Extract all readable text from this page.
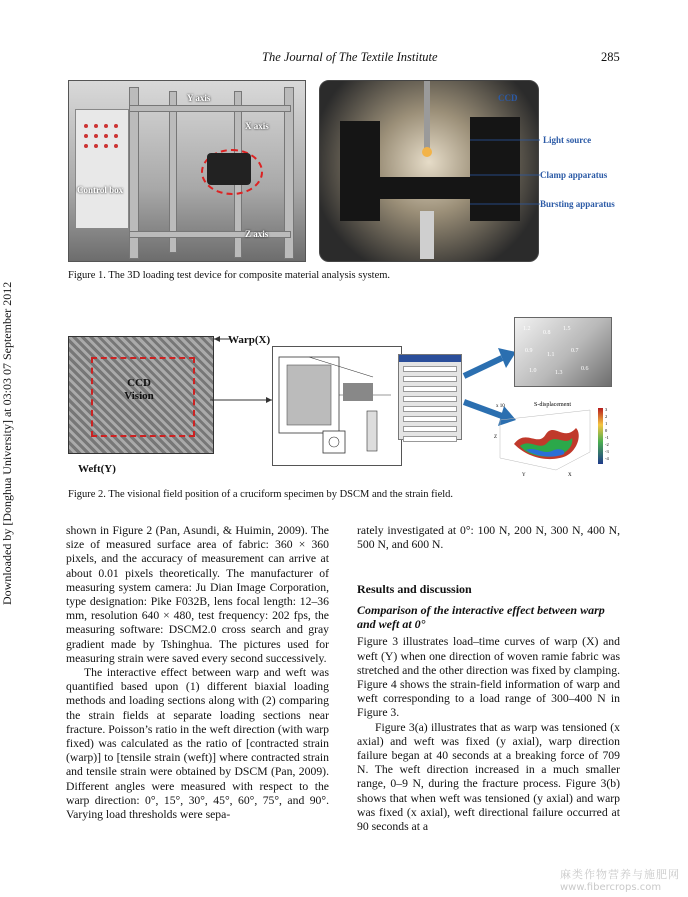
Downloaded by [Donghua University] at 03:03 07 September 2012
The Journal of The Textile Institute	285
Y axis
X axis
Control box
Z axis
CCD
Light source
Clamp apparatus
Bursting apparatus
Figure 1. The 3D loading test device for composite material analysis system.
CCD
Vision
Warp(X)
Weft(Y)
1.2
0.8
1.5
0.9
1.1
0.7
1.0	1.3
0.6
x 10	S-displacement
3
2
1
0
-1
-2
-3
-4
Z
Y	X
Figure 2. The visional field position of a cruciform specimen by DSCM and the strain field.

shown in Figure 2 (Pan, Asundi, & Huimin, 2009). The size of measured surface area of fabric: 360 × 360 pixels, and the accuracy of measurement can arrive at about 0.01 pixels theoretically. The manufacturer of measuring system camera: Ju Dian Image Corporation, type designation: Pike F032B, lens focal length: 12–36 mm, resolution 640 × 480, test frequency: 202 fps, the measuring software: DSCM2.0 cross search and gray gradient made by Tshinghua. The pictures used for measuring strain were saved every second successively.

The interactive effect between warp and weft was quantified based upon (1) different biaxial loading methods and loading sections along with (2) comparing the strain fields at separate loading sections near fracture. Poisson’s ratio in the weft direction (with warp fixed) was calculated as the ratio of [contracted strain (warp)] to [tensile strain (weft)] where contracted strain and tensile strain were obtained by DSCM (Pan, 2009). Different angles were measured with respect to the warp direction: 0°, 15°, 30°, 45°, 60°, 75°, and 90°. Varying load thresholds were sepa-

rately investigated at 0°: 100 N, 200 N, 300 N, 400 N, 500 N, and 600 N.

Results and discussion
Comparison of the interactive effect between warp and weft at 0°

Figure 3 illustrates load–time curves of warp (X) and weft (Y) when one direction of woven ramie fabric was stretched and the other direction was fixed by clamping. Figure 4 shows the strain-field information of warp and weft corresponding to a load range of 300–400 N in Figure 3.

Figure 3(a) illustrates that as warp was tensioned (x axial) and weft was fixed (y axial), warp direction failure began at 40 seconds at a breaking force of 709 N. The weft direction increased in a much smaller range, 0–9 N, during the fracture process. Figure 3(b) shows that when weft was tensioned (y axial) and warp was fixed (x axial), weft directional failure occurred at 90 seconds at a

麻类作物营养与施肥网
www.fibercrops.com
